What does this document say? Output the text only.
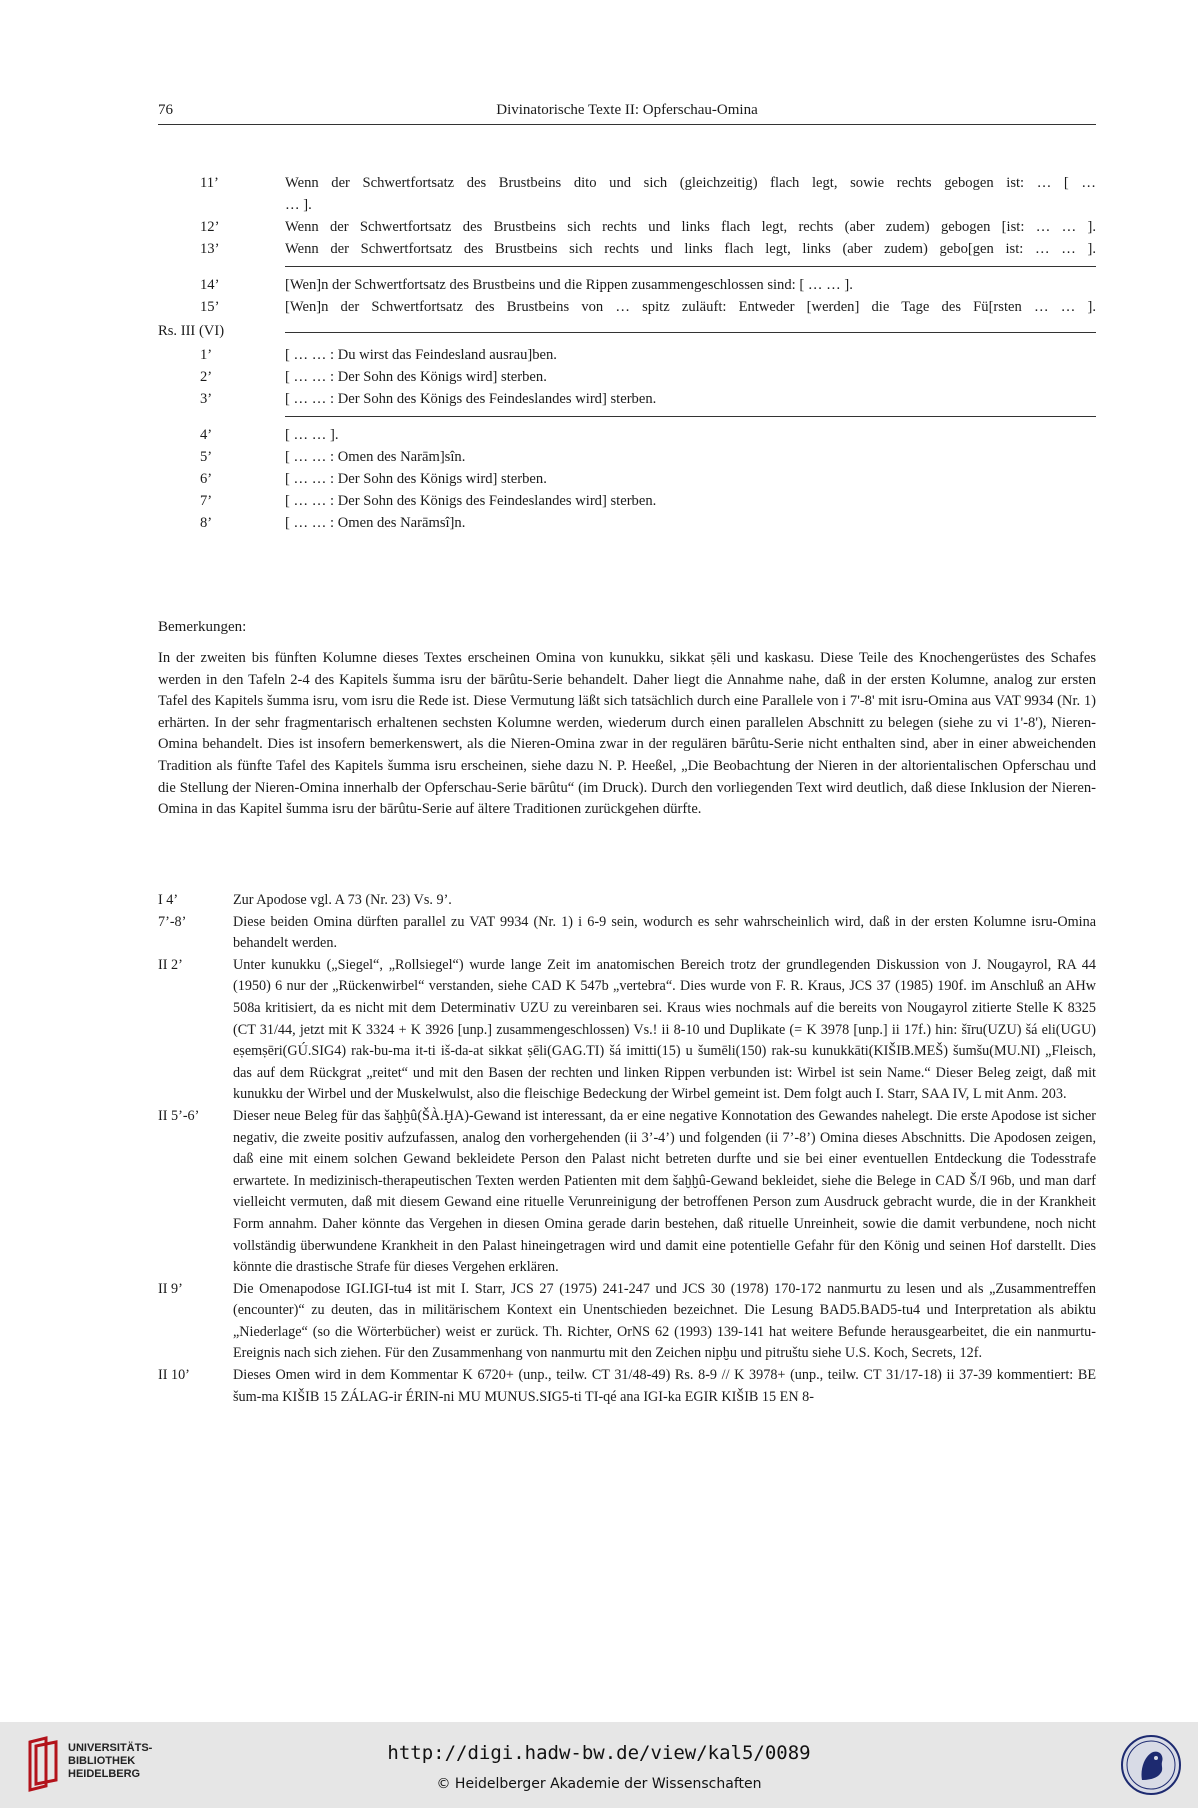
76	Divinatorische Texte II: Opferschau-Omina
11’	Wenn der Schwertfortsatz des Brustbeins dito und sich (gleichzeitig) flach legt, sowie rechts gebogen ist: … [ …
… ].
12’	Wenn der Schwertfortsatz des Brustbeins sich rechts und links flach legt, rechts (aber zudem) gebogen [ist: … … ].
13’	Wenn der Schwertfortsatz des Brustbeins sich rechts und links flach legt, links (aber zudem) gebo[gen ist: … … ].
14’	[Wen]n der Schwertfortsatz des Brustbeins und die Rippen zusammengeschlossen sind: [ … … ].
15’	[Wen]n der Schwertfortsatz des Brustbeins von … spitz zuläuft: Entweder [werden] die Tage des Fü[rsten … … ].
Rs. III (VI)
1’	[ … … : Du wirst das Feindesland ausrau]ben.
2’	[ … … : Der Sohn des Königs wird] sterben.
3’	[ … … : Der Sohn des Königs des Feindeslandes wird] sterben.
4’	[ … … ].
5’	[ … … : Omen des Narām]sîn.
6’	[ … … : Der Sohn des Königs wird] sterben.
7’	[ … … : Der Sohn des Königs des Feindeslandes wird] sterben.
8’	[ … … : Omen des Narāmsî]n.
Bemerkungen:
In der zweiten bis fünften Kolumne dieses Textes erscheinen Omina von kunukku, sikkat ṣēli und kaskasu. Diese Teile des Knochengerüstes des Schafes werden in den Tafeln 2-4 des Kapitels šumma isru der bārûtu-Serie behandelt. Daher liegt die Annahme nahe, daß in der ersten Kolumne, analog zur ersten Tafel des Kapitels šumma isru, vom isru die Rede ist. Diese Vermutung läßt sich tatsächlich durch eine Parallele von i 7'-8' mit isru-Omina aus VAT 9934 (Nr. 1) erhärten. In der sehr fragmentarisch erhaltenen sechsten Kolumne werden, wiederum durch einen parallelen Abschnitt zu belegen (siehe zu vi 1'-8'), Nieren-Omina behandelt. Dies ist insofern bemerkenswert, als die Nieren-Omina zwar in der regulären bārûtu-Serie nicht enthalten sind, aber in einer abweichenden Tradition als fünfte Tafel des Kapitels šumma isru erscheinen, siehe dazu N. P. Heeßel, „Die Beobachtung der Nieren in der altorientalischen Opferschau und die Stellung der Nieren-Omina innerhalb der Opferschau-Serie bārûtu“ (im Druck). Durch den vorliegenden Text wird deutlich, daß diese Inklusion der Nieren-Omina in das Kapitel šumma isru der bārûtu-Serie auf ältere Traditionen zurückgehen dürfte.
I 4’	Zur Apodose vgl. A 73 (Nr. 23) Vs. 9’.
7’-8’	Diese beiden Omina dürften parallel zu VAT 9934 (Nr. 1) i 6-9 sein, wodurch es sehr wahrscheinlich wird, daß in der ersten Kolumne isru-Omina behandelt werden.
II 2’	Unter kunukku („Siegel“, „Rollsiegel“) wurde lange Zeit im anatomischen Bereich trotz der grundlegenden Diskussion von J. Nougayrol, RA 44 (1950) 6 nur der „Rückenwirbel“ verstanden, siehe CAD K 547b „vertebra“. Dies wurde von F. R. Kraus, JCS 37 (1985) 190f. im Anschluß an AHw 508a kritisiert, da es nicht mit dem Determinativ UZU zu vereinbaren sei. Kraus wies nochmals auf die bereits von Nougayrol zitierte Stelle K 8325 (CT 31/44, jetzt mit K 3324 + K 3926 [unp.] zusammengeschlossen) Vs.! ii 8-10 und Duplikate (= K 3978 [unp.] ii 17f.) hin: šīru(UZU) šá eli(UGU) eṣemṣēri(GÚ.SIG4) rak-bu-ma it-ti iš-da-at sikkat ṣēli(GAG.TI) šá imitti(15) u šumēli(150) rak-su kunukkāti(KIŠIB.MEŠ) šumšu(MU.NI) „Fleisch, das auf dem Rückgrat „reitet“ und mit den Basen der rechten und linken Rippen verbunden ist: Wirbel ist sein Name.“ Dieser Beleg zeigt, daß mit kunukku der Wirbel und der Muskelwulst, also die fleischige Bedeckung der Wirbel gemeint ist. Dem folgt auch I. Starr, SAA IV, L mit Anm. 203.
II 5’-6’ Dieser neue Beleg für das šaḫḫû(ŠÀ.ḪA)-Gewand ist interessant, da er eine negative Konnotation des Gewandes nahelegt. Die erste Apodose ist sicher negativ, die zweite positiv aufzufassen, analog den vorhergehenden (ii 3’-4’) und folgenden (ii 7’-8’) Omina dieses Abschnitts. Die Apodosen zeigen, daß eine mit einem solchen Gewand bekleidete Person den Palast nicht betreten durfte und sie bei einer eventuellen Entdeckung die Todesstrafe erwartete. In medizinisch-therapeutischen Texten werden Patienten mit dem šaḫḫû-Gewand bekleidet, siehe die Belege in CAD Š/I 96b, und man darf vielleicht vermuten, daß mit diesem Gewand eine rituelle Verunreinigung der betroffenen Person zum Ausdruck gebracht wurde, die in der Krankheit Form annahm. Daher könnte das Vergehen in diesen Omina gerade darin bestehen, daß rituelle Unreinheit, sowie die damit verbundene, noch nicht vollständig überwundene Krankheit in den Palast hineingetragen wird und damit eine potentielle Gefahr für den König und seinen Hof darstellt. Dies könnte die drastische Strafe für dieses Vergehen erklären.
II 9’	Die Omenapodose IGI.IGI-tu4 ist mit I. Starr, JCS 27 (1975) 241-247 und JCS 30 (1978) 170-172 nanmurtu zu lesen und als „Zusammentreffen (encounter)“ zu deuten, das in militärischem Kontext ein Unentschieden bezeichnet. Die Lesung BAD5.BAD5-tu4 und Interpretation als abiktu „Niederlage“ (so die Wörterbücher) weist er zurück. Th. Richter, OrNS 62 (1993) 139-141 hat weitere Befunde herausgearbeitet, die ein nanmurtu-Ereignis nach sich ziehen. Für den Zusammenhang von nanmurtu mit den Zeichen nipḫu und pitruštu siehe U.S. Koch, Secrets, 12f.
II 10’	Dieses Omen wird in dem Kommentar K 6720+ (unp., teilw. CT 31/48-49) Rs. 8-9 // K 3978+ (unp., teilw. CT 31/17-18) ii 37-39 kommentiert: BE šum-ma KIŠIB 15 ZÁLAG-ir ÉRIN-ni MU MUNUS.SIG5-ti TI-qé ana IGI-ka EGIR KIŠIB 15 EN 8-
UNIVERSITÄTS-
BIBLIOTHEK
HEIDELBERG
http://digi.hadw-bw.de/view/kal5/0089
© Heidelberger Akademie der Wissenschaften
